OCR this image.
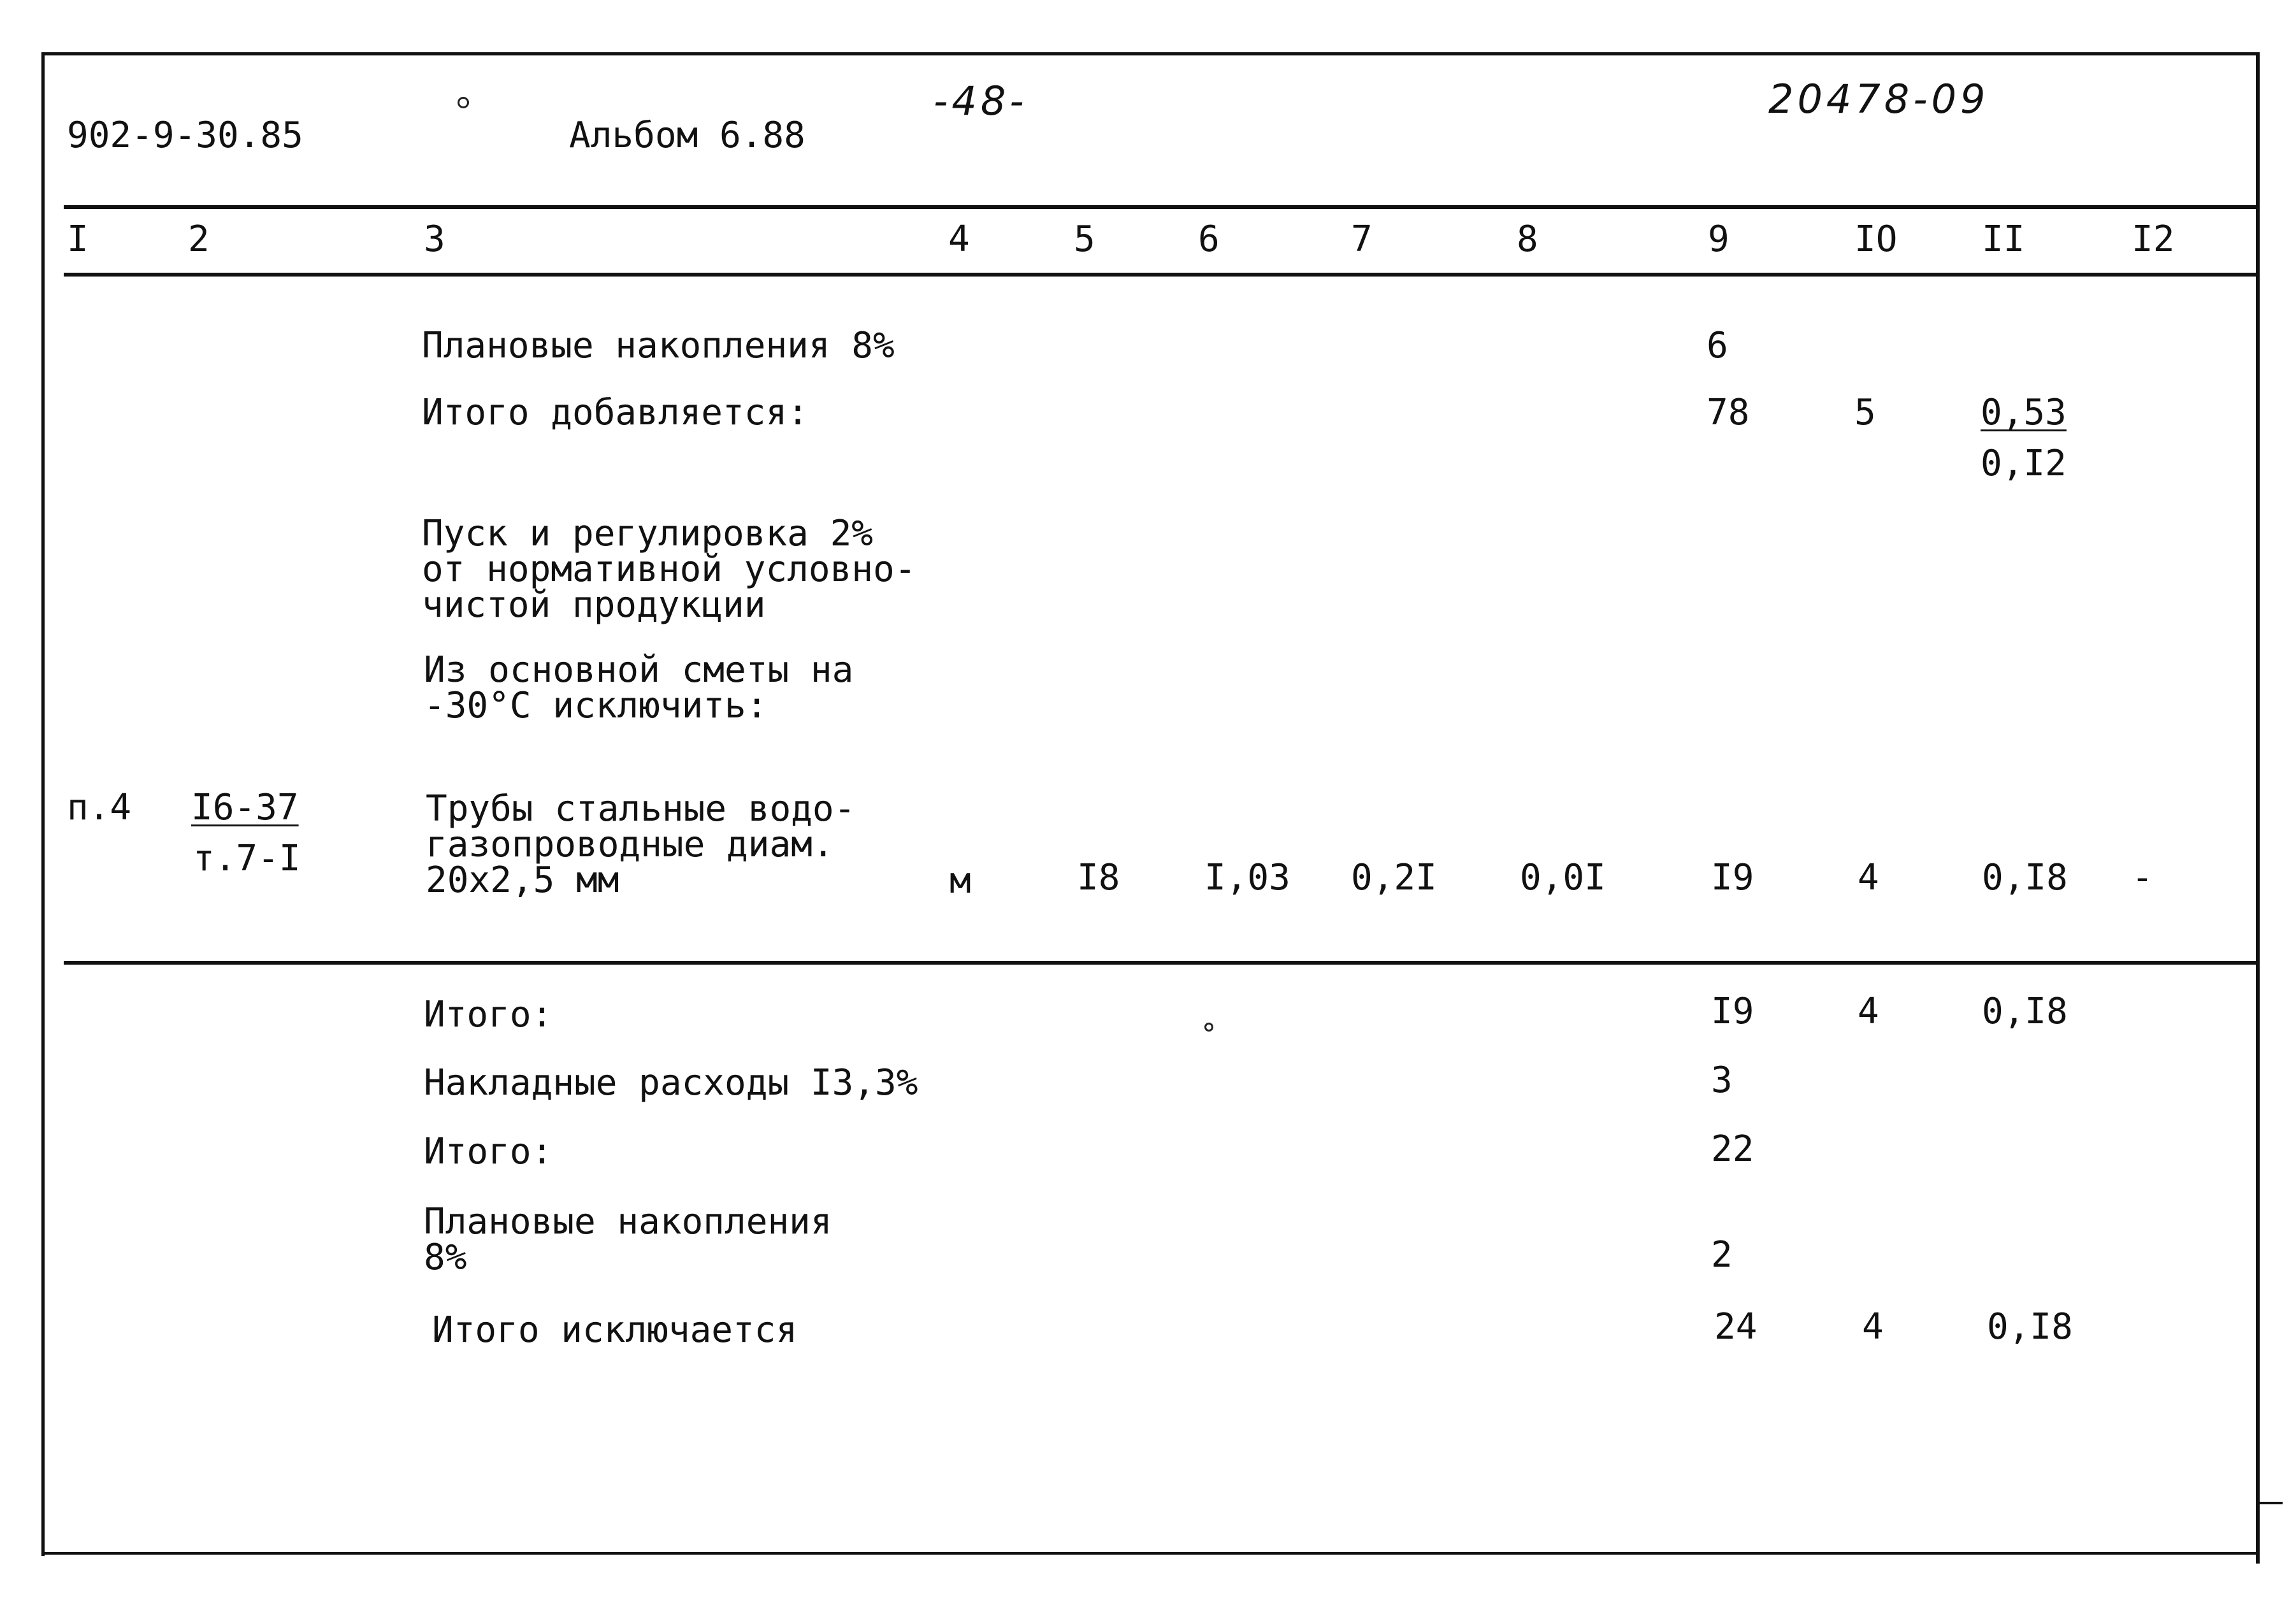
902-9-30.85	Альбом 6.88
-48-	20478-09
I	2	3	4	5	6	7	8	9	IO II	I2
Плановые накопления 8%	6
Итого добавляется:	78	5	0,53
0,I2
Пуск и регулировка 2%
от нормативной условно-
чистой продукции
Из основной сметы на
-30°С исключить:
п.4 I6-37
т.7-I
Трубы стальные водо-
газопроводные диам.
20x2,5 мм	м	I8 I,03 0,2I 0,0I	I9	4	0,I8 -
Итого:	I9	4	0,I8
Накладные расходы I3,3%	3
Итого:	22
Плановые накопления
8%	2
Итого исключается	24	4	0,I8
